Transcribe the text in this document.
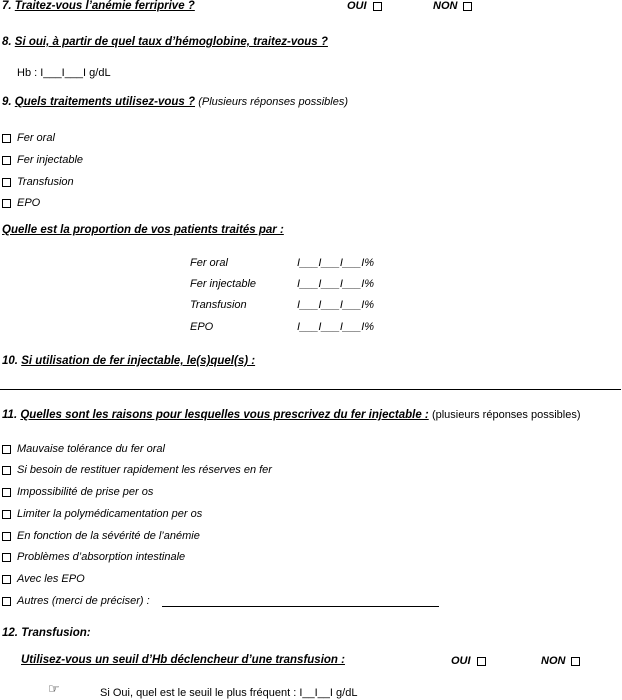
7. Traitez-vous l’anémie ferriprive ?	OUI	NON
8. Si oui, à partir de quel taux d’hémoglobine, traitez-vous ?
Hb : I___I___I g/dL
9. Quels traitements utilisez-vous ? (Plusieurs réponses possibles)
Fer oral
Fer injectable
Transfusion
EPO
Quelle est la proportion de vos patients traités par :
Fer oral	I___I___I___I%
Fer injectable	I___I___I___I%
Transfusion	I___I___I___I%
EPO	I___I___I___I%
10. Si utilisation de fer injectable, le(s)quel(s) :
11. Quelles sont les raisons pour lesquelles vous prescrivez du fer injectable : (plusieurs réponses possibles)
Mauvaise tolérance du fer oral
Si besoin de restituer rapidement les réserves en fer
Impossibilité de prise per os
Limiter la polymédicamentation per os
En fonction de la sévérité de l’anémie
Problèmes d’absorption intestinale
Avec les EPO
Autres (merci de préciser) :
12. Transfusion:
Utilisez-vous un seuil d’Hb déclencheur d’une transfusion :	OUI	NON
☞	Si Oui, quel est le seuil le plus fréquent : I__I__I g/dL
